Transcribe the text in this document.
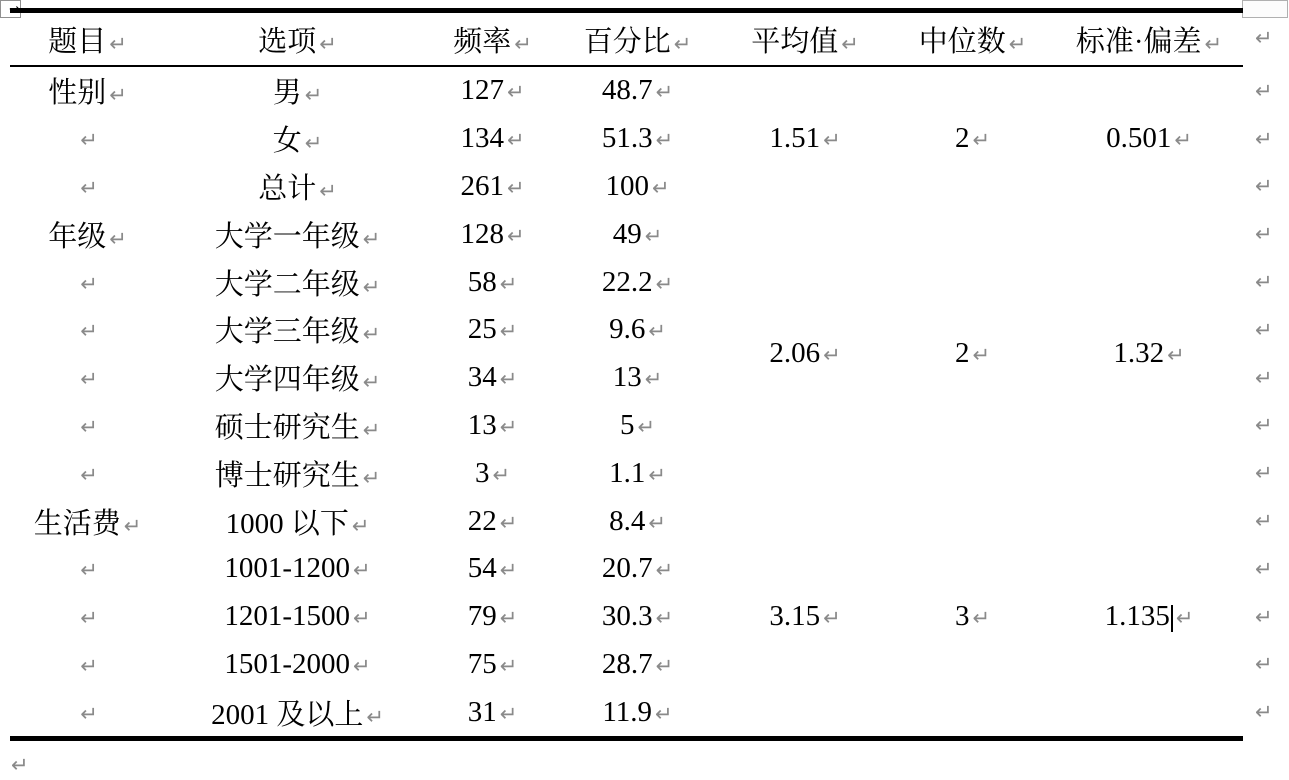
→
题目 ↵	选项 ↵	频率 ↵	百分比 ↵	平均值 ↵	中位数 ↵	标准·偏差 ↵
性别 ↵	男 ↵	127 ↵	48.7 ↵	1.51 ↵	2 ↵	0.501 ↵
↵	女 ↵	134 ↵	51.3 ↵			
↵	总计 ↵	261 ↵	100 ↵			
年级 ↵	大学一年级 ↵	128 ↵	49 ↵	2.06 ↵	2 ↵	1.32 ↵
↵	大学二年级 ↵	58 ↵	22.2 ↵			
↵	大学三年级 ↵	25 ↵	9.6 ↵			
↵	大学四年级 ↵	34 ↵	13 ↵			
↵	硕士研究生 ↵	13 ↵	5 ↵			
↵	博士研究生 ↵	3 ↵	1.1 ↵			
生活费 ↵	1000 以下 ↵	22 ↵	8.4 ↵	3.15 ↵	3 ↵	1.135 ↵
↵	1001-1200 ↵	54 ↵	20.7 ↵			
↵	1201-1500 ↵	79 ↵	30.3 ↵			
↵	1501-2000 ↵	75 ↵	28.7 ↵			
↵	2001 及以上 ↵	31 ↵	11.9 ↵			
↵
↵
↵
↵
↵
↵
↵
↵
↵
↵
↵
↵
↵
↵
↵
↵
